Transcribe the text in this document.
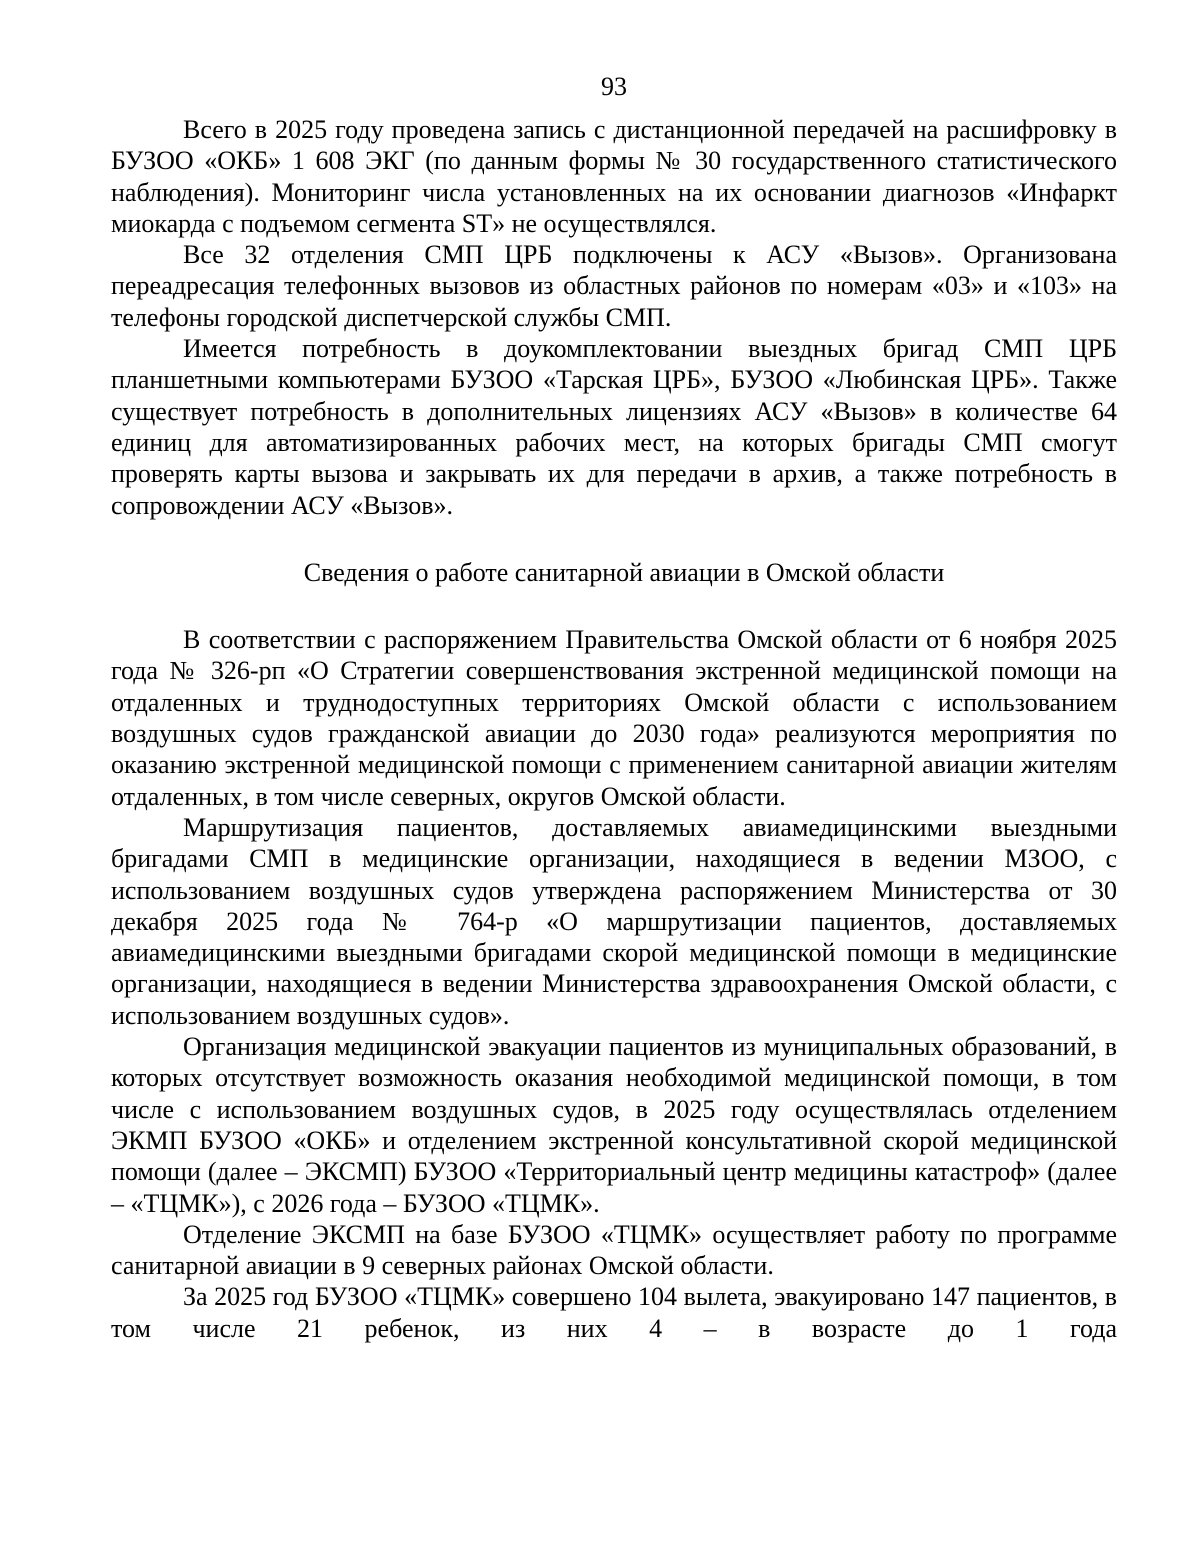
93

Всего в 2025 году проведена запись с дистанционной передачей на расшифровку в БУЗОО «ОКБ» 1 608 ЭКГ (по данным формы № 30 государственного статистического наблюдения). Мониторинг числа установленных на их основании диагнозов «Инфаркт миокарда с подъемом сегмента ST» не осуществлялся.

Все 32 отделения СМП ЦРБ подключены к АСУ «Вызов». Организована переадресация телефонных вызовов из областных районов по номерам «03» и «103» на телефоны городской диспетчерской службы СМП.

Имеется потребность в доукомплектовании выездных бригад СМП ЦРБ планшетными компьютерами БУЗОО «Тарская ЦРБ», БУЗОО «Любинская ЦРБ». Также существует потребность в дополнительных лицензиях АСУ «Вызов» в количестве 64 единиц для автоматизированных рабочих мест, на которых бригады СМП смогут проверять карты вызова и закрывать их для передачи в архив, а также потребность в сопровождении АСУ «Вызов».

Сведения о работе санитарной авиации в Омской области

В соответствии с распоряжением Правительства Омской области от 6 ноября 2025 года № 326-рп «О Стратегии совершенствования экстренной медицинской помощи на отдаленных и труднодоступных территориях Омской области с использованием воздушных судов гражданской авиации до 2030 года» реализуются мероприятия по оказанию экстренной медицинской помощи с применением санитарной авиации жителям отдаленных, в том числе северных, округов Омской области.

Маршрутизация пациентов, доставляемых авиамедицинскими выездными бригадами СМП в медицинские организации, находящиеся в ведении МЗОО, с использованием воздушных судов утверждена распоряжением Министерства от 30 декабря 2025 года № 764-р «О маршрутизации пациентов, доставляемых авиамедицинскими выездными бригадами скорой медицинской помощи в медицинские организации, находящиеся в ведении Министерства здравоохранения Омской области, с использованием воздушных судов».

Организация медицинской эвакуации пациентов из муниципальных образований, в которых отсутствует возможность оказания необходимой медицинской помощи, в том числе с использованием воздушных судов, в 2025 году осуществлялась отделением ЭКМП БУЗОО «ОКБ» и отделением экстренной консультативной скорой медицинской помощи (далее – ЭКСМП) БУЗОО «Территориальный центр медицины катастроф» (далее – «ТЦМК»), с 2026 года – БУЗОО «ТЦМК».

Отделение ЭКСМП на базе БУЗОО «ТЦМК» осуществляет работу по программе санитарной авиации в 9 северных районах Омской области.

За 2025 год БУЗОО «ТЦМК» совершено 104 вылета, эвакуировано 147 пациентов, в том числе 21 ребенок, из них 4 – в возрасте до 1 года
